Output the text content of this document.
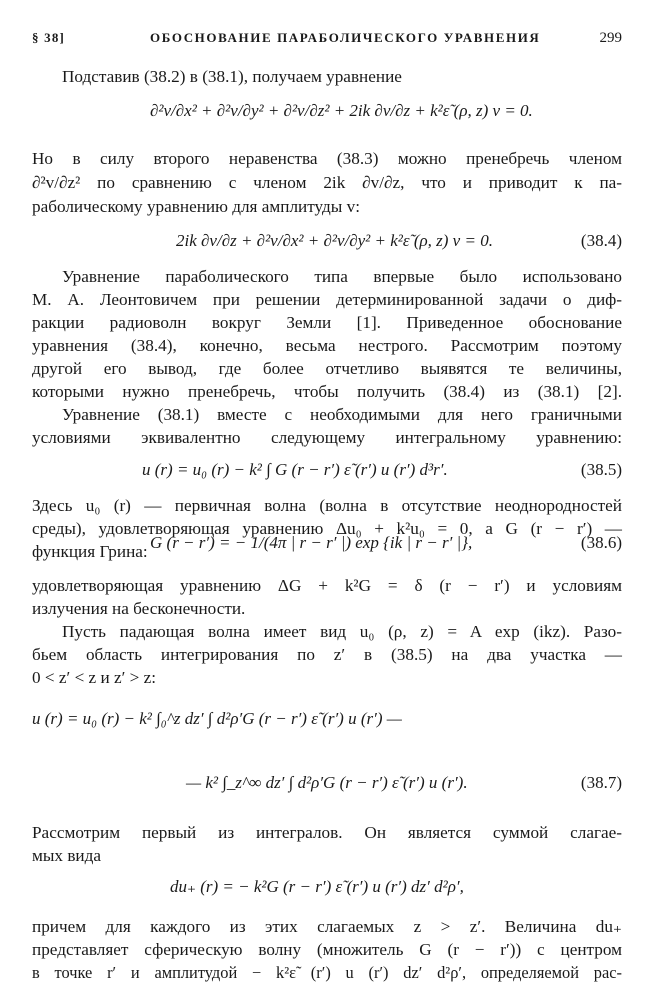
§ 38]	ОБОСНОВАНИЕ ПАРАБОЛИЧЕСКОГО УРАВНЕНИЯ	299
Подставив (38.2) в (38.1), получаем уравнение
∂²v/∂x² + ∂²v/∂y² + ∂²v/∂z² + 2ik ∂v/∂z + k²ε̃ (ρ, z) v = 0.
Но в силу второго неравенства (38.3) можно пренебречь членом
∂²v/∂z² по сравнению с членом 2ik ∂v/∂z, что и приводит к па-
раболическому уравнению для амплитуды v:
2ik ∂v/∂z + ∂²v/∂x² + ∂²v/∂y² + k²ε̃ (ρ, z) v = 0.	(38.4)
Уравнение параболического типа впервые было использовано
М. А. Леонтовичем при решении детерминированной задачи о диф-
ракции радиоволн вокруг Земли [1]. Приведенное обоснование
уравнения (38.4), конечно, весьма нестрого. Рассмотрим поэтому
другой его вывод, где более отчетливо выявятся те величины,
которыми нужно пренебречь, чтобы получить (38.4) из (38.1) [2].
Уравнение (38.1) вместе с необходимыми для него граничными
условиями эквивалентно следующему интегральному уравнению:
u (r) = u₀ (r) − k² ∫ G (r − r′) ε̃ (r′) u (r′) d³r′.	(38.5)
Здесь u₀ (r) — первичная волна (волна в отсутствие неоднородностей
среды), удовлетворяющая уравнению Δu₀ + k²u₀ = 0, а G (r − r′) —
функция Грина: G (r − r′) = − 1/(4π | r − r′ |) exp {ik | r − r′ |},	(38.6)
удовлетворяющая уравнению ΔG + k²G = δ (r − r′) и условиям
излучения на бесконечности.
Пусть падающая волна имеет вид u₀ (ρ, z) = A exp (ikz). Разо-
бьем область интегрирования по z′ в (38.5) на два участка —
0 < z′ < z и z′ > z:
u (r) = u₀ (r) − k² ∫₀^z dz′ ∫ d²ρ′G (r − r′) ε̃ (r′) u (r′) —
— k² ∫_z^∞ dz′ ∫ d²ρ′G (r − r′) ε̃ (r′) u (r′).	(38.7)
Рассмотрим первый из интегралов. Он является суммой слагае-
мых вида
du₊ (r) = − k²G (r − r′) ε̃ (r′) u (r′) dz′ d²ρ′,
причем для каждого из этих слагаемых z > z′. Величина du₊
представляет сферическую волну (множитель G (r − r′)) с центром
в точке r′ и амплитудой − k²ε̃ (r′) u (r′) dz′ d²ρ′, определяемой рас-
